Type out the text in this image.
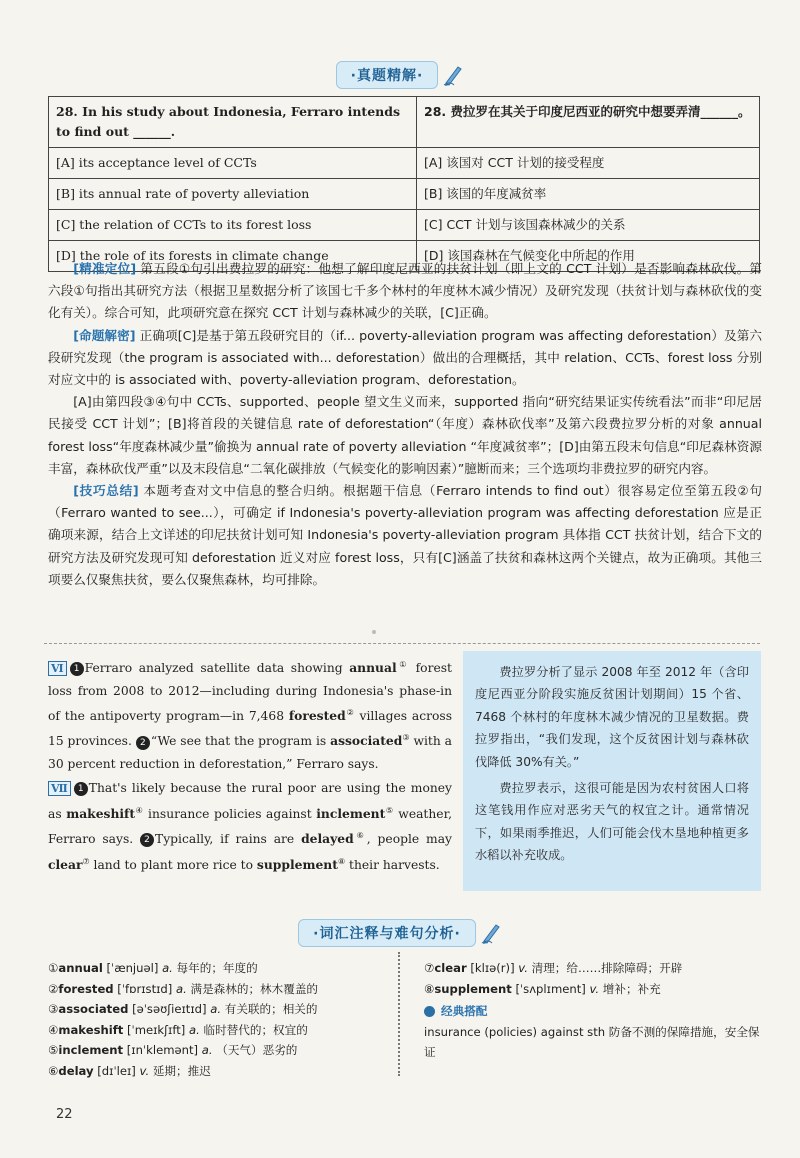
·真题精解·
28. In his study about Indonesia, Ferraro intends to find out ______.	28. 费拉罗在其关于印度尼西亚的研究中想要弄清______。
[A] its acceptance level of CCTs	[A] 该国对 CCT 计划的接受程度
[B] its annual rate of poverty alleviation	[B] 该国的年度减贫率
[C] the relation of CCTs to its forest loss	[C] CCT 计划与该国森林减少的关系
[D] the role of its forests in climate change	[D] 该国森林在气候变化中所起的作用

[精准定位] 第五段①句引出费拉罗的研究：他想了解印度尼西亚的扶贫计划（即上文的 CCT 计划）是否影响森林砍伐。第六段①句指出其研究方法（根据卫星数据分析了该国七千多个林村的年度林木减少情况）及研究发现（扶贫计划与森林砍伐的变化有关）。综合可知，此项研究意在探究 CCT 计划与森林减少的关联，[C]正确。

[命题解密] 正确项[C]是基于第五段研究目的（if... poverty-alleviation program was affecting deforestation）及第六段研究发现（the program is associated with... deforestation）做出的合理概括，其中 relation、CCTs、forest loss 分别对应文中的 is associated with、poverty-alleviation program、deforestation。

[A]由第四段③④句中 CCTs、supported、people 望文生义而来，supported 指向“研究结果证实传统看法”而非“印尼居民接受 CCT 计划”；[B]将首段的关键信息 rate of deforestation“（年度）森林砍伐率”及第六段费拉罗分析的对象 annual forest loss“年度森林减少量”偷换为 annual rate of poverty alleviation “年度减贫率”；[D]由第五段末句信息“印尼森林资源丰富，森林砍伐严重”以及末段信息“二氧化碳排放（气候变化的影响因素）”臆断而来；三个选项均非费拉罗的研究内容。

[技巧总结] 本题考查对文中信息的整合归纳。根据题干信息（Ferraro intends to find out）很容易定位至第五段②句（Ferraro wanted to see...），可确定 if Indonesia's poverty-alleviation program was affecting deforestation 应是正确项来源，结合上文详述的印尼扶贫计划可知 Indonesia's poverty-alleviation program 具体指 CCT 扶贫计划，结合下文的研究方法及研究发现可知 deforestation 近义对应 forest loss，只有[C]涵盖了扶贫和森林这两个关键点，故为正确项。其他三项要么仅聚焦扶贫，要么仅聚焦森林，均可排除。

Ⅵ 1 Ferraro analyzed satellite data showing annual① forest loss from 2008 to 2012—including during Indonesia's phase-in of the antipoverty program—in 7,468 forested② villages across 15 provinces. 2 “We see that the program is associated③ with a 30 percent reduction in deforestation,” Ferraro says.

Ⅶ 1 That's likely because the rural poor are using the money as makeshift④ insurance policies against inclement⑤ weather, Ferraro says. 2 Typically, if rains are delayed⑥, people may clear⑦ land to plant more rice to supplement⑧ their harvests.

费拉罗分析了显示 2008 年至 2012 年（含印度尼西亚分阶段实施反贫困计划期间）15 个省、7468 个林村的年度林木减少情况的卫星数据。费拉罗指出，“我们发现，这个反贫困计划与森林砍伐降低 30%有关。”

费拉罗表示，这很可能是因为农村贫困人口将这笔钱用作应对恶劣天气的权宜之计。通常情况下，如果雨季推迟，人们可能会伐木垦地种植更多水稻以补充收成。

·词汇注释与难句分析·
①annual [ˈænjuəl] a. 每年的；年度的
②forested [ˈfɒrɪstɪd] a. 满是森林的；林木覆盖的
③associated [əˈsəʊʃieɪtɪd] a. 有关联的；相关的
④makeshift [ˈmeɪkʃɪft] a. 临时替代的；权宜的
⑤inclement [ɪnˈklemənt] a. （天气）恶劣的
⑥delay [dɪˈleɪ] v. 延期；推迟
⑦clear [klɪə(r)] v. 清理；给……排除障碍；开辟
⑧supplement [ˈsʌplɪment] v. 增补；补充
经典搭配
insurance (policies) against sth 防备不测的保障措施，安全保证
22
